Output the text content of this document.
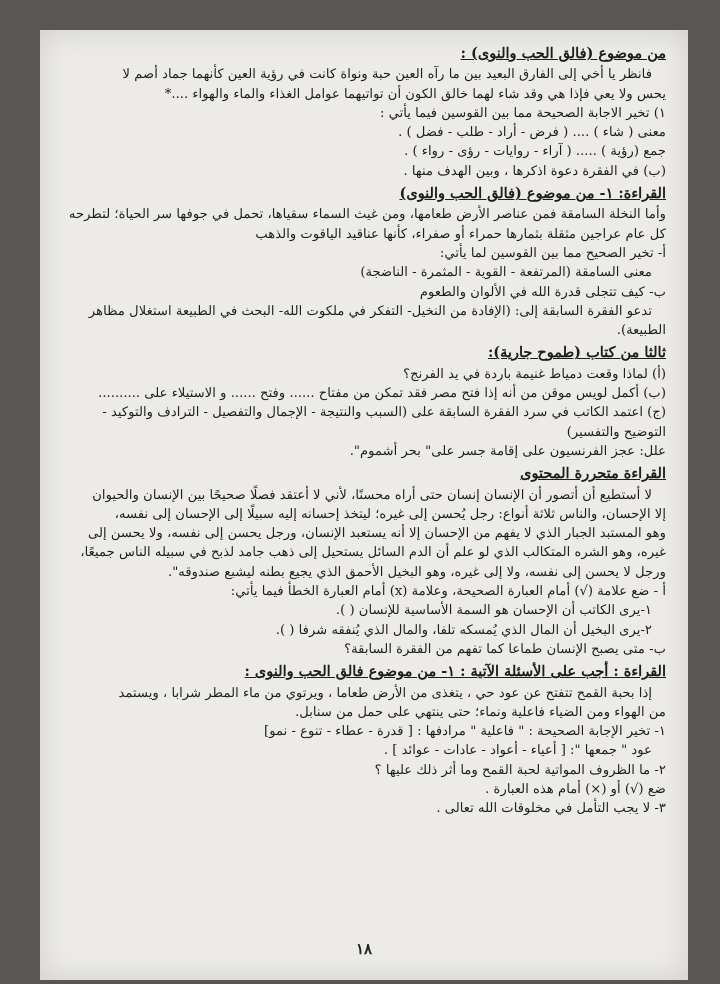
من موضوع (فالق الحب والنوى) :

فانظر يا أخي إلى الفارق البعيد بين ما رآه العين حبة ونواة كانت في رؤية العين كأنهما جماد أصم لا

يحس ولا يعي فإذا هي وقد شاء لهما خالق الكون أن تواتيهما عوامل الغذاء والماء والهواء ....*

١) تخير الاجابة الصحيحة مما بين القوسين فيما يأتي :

معنى ( شاء ) .... ( فرض - أراد - طلب - فضل ) .

جمع (رؤية ) ..... ( آراء - روايات - رؤى - رواء ) .

(ب) في الفقرة دعوة اذكرها ، وبين الهدف منها .

القراءة: ١- من موضوع (فالق الحب والنوى)

وأما النخلة السامقة فمن عناصر الأرض طعامها، ومن غيث السماء سقياها، تحمل في جوفها سر الحياة؛ لتطرحه

كل عام عراجين مثقلة بثمارها حمراء أو صفراء، كأنها عناقيد الياقوت والذهب

أ- تخير الصحيح مما بين القوسين لما يأتي:

معنى السامقة (المرتفعة - القوية - المثمرة - الناضجة)

ب- كيف تتجلى قدرة الله في الألوان والطعوم

تدعو الفقرة السابقة إلى: (الإفادة من النخيل- التفكر في ملكوت الله- البحث في الطبيعة استغلال مظاهر

الطبيعة).

ثالثا من كتاب (طموح جارية):

(أ) لماذا وقعت دمياط غنيمة باردة في يد الفرنج؟

(ب) أكمل لويس موقن من أنه إذا فتح مصر فقد تمكن من مفتاح ...... وفتح ...... و الاستيلاء على ..........

(ج) اعتمد الكاتب في سرد الفقرة السابقة على (السبب والنتيجة - الإجمال والتفصيل - الترادف والتوكيد -

التوضيح والتفسير)

علل: عجز الفرنسيون على إقامة جسر على" بحر أشموم".

القراءة متحررة المحتوى

لا أستطيع أن أتصور أن الإنسان إنسان حتى أراه محسنًا، لأني لا أعتقد فصلًا صحيحًا بين الإنسان والحيوان

إلا الإحسان، والناس ثلاثة أنواع: رجل يُحسن إلى غيره؛ ليتخذ إحسانه إليه سبيلًا إلى الإحسان إلى نفسه،

وهو المستبد الجبار الذي لا يفهم من الإحسان إلا أنه يستعبد الإنسان، ورجل يحسن إلى نفسه، ولا يحسن إلى

غيره، وهو الشره المتكالب الذي لو علم أن الدم السائل يستحيل إلى ذهب جامد لذبح في سبيله الناس جميعًا،

ورجل لا يحسن إلى نفسه، ولا إلى غيره، وهو البخيل الأحمق الذي يجيع بطنه ليشبع صندوقه".

أ - ضع علامة (√) أمام العبارة الصحيحة، وعلامة (x) أمام العبارة الخطأ فيما يأتي:

١-يرى الكاتب أن الإحسان هو السمة الأساسية للإنسان ( ).

٢-يرى البخيل أن المال الذي يُمسكه تلفا، والمال الذي يُنفقه شرفا ( ).

ب- متى يصبح الإنسان طماعا كما تفهم من الفقرة السابقة؟

القراءة : أجب على الأسئلة الآتية : ١- من موضوع فالق الحب والنوى :

إذا بحبة القمح تتفتح عن عود حي ، يتغذى من الأرض طعاما ، ويرتوي من ماء المطر شرابا ، ويستمد

من الهواء ومن الضياء فاعلية ونماء؛ حتى ينتهي على حمل من سنابل.

١- تخير الإجابة الصحيحة : " فاعلية " مرادفها : [ قدرة - عطاء - تنوع - نمو]

عود " جمعها ": [ أعياء - أعواد - عادات - عوائد ] .

٢- ما الظروف المواتية لحبة القمح وما أثر ذلك عليها ؟

ضع (√) أو (×) أمام هذه العبارة .

٣- لا يجب التأمل في مخلوقات الله تعالى .

١٨
